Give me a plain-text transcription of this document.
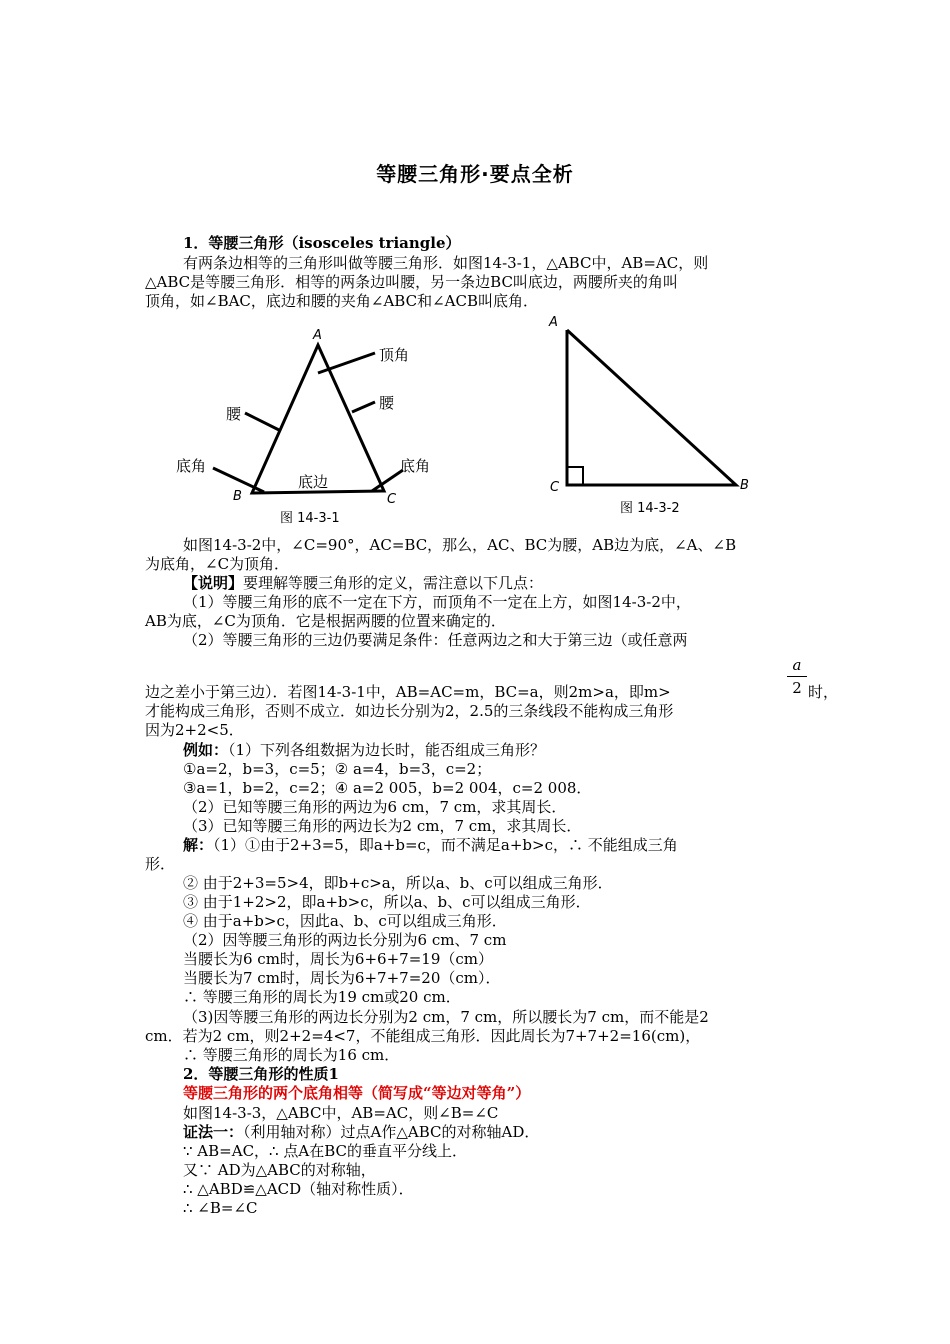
等腰三角形·要点全析
1．等腰三角形（isosceles triangle）
有两条边相等的三角形叫做等腰三角形．如图14-3-1，△ABC中，AB=AC，则
△ABC是等腰三角形．相等的两条边叫腰，另一条边BC叫底边，两腰所夹的角叫
顶角，如∠BAC，底边和腰的夹角∠ABC和∠ACB叫底角．
A
顶角
腰
腰
底角	底角
底边
B	C
图 14-3-1
A
C	B
图 14-3-2
如图14-3-2中，∠C=90°，AC=BC，那么，AC、BC为腰，AB边为底，∠A、∠B
为底角，∠C为顶角．
【说明】要理解等腰三角形的定义，需注意以下几点：
（1）等腰三角形的底不一定在下方，而顶角不一定在上方，如图14-3-2中，
AB为底，∠C为顶角．它是根据两腰的位置来确定的．
（2）等腰三角形的三边仍要满足条件：任意两边之和大于第三边（或任意两
a
2
边之差小于第三边）．若图14-3-1中，AB=AC=m，BC=a，则2m>a，即m>	时，
才能构成三角形，否则不成立．如边长分别为2，2.5的三条线段不能构成三角形
因为2+2<5．
例如：（1）下列各组数据为边长时，能否组成三角形？
①a=2，b=3，c=5；② a=4，b=3，c=2；
③a=1，b=2，c=2；④ a=2 005，b=2 004，c=2 008．
（2）已知等腰三角形的两边为6 cm，7 cm，求其周长．
（3）已知等腰三角形的两边长为2 cm，7 cm，求其周长．
解：（1）①由于2+3=5，即a+b=c，而不满足a+b>c，∴ 不能组成三角
形．
② 由于2+3=5>4，即b+c>a，所以a、b、c可以组成三角形．
③ 由于1+2>2，即a+b>c，所以a、b、c可以组成三角形．
④ 由于a+b>c，因此a、b、c可以组成三角形．
（2）因等腰三角形的两边长分别为6 cm、7 cm
当腰长为6 cm时，周长为6+6+7=19（cm）
当腰长为7 cm时，周长为6+7+7=20（cm）．
∴ 等腰三角形的周长为19 cm或20 cm．
（3)因等腰三角形的两边长分别为2 cm，7 cm，所以腰长为7 cm，而不能是2
cm．若为2 cm，则2+2=4<7，不能组成三角形．因此周长为7+7+2=16(cm)，
∴ 等腰三角形的周长为16 cm．
2．等腰三角形的性质1
等腰三角形的两个底角相等（简写成“等边对等角”）
如图14-3-3，△ABC中，AB=AC，则∠B=∠C
证法一：（利用轴对称）过点A作△ABC的对称轴AD．
∵ AB=AC，∴ 点A在BC的垂直平分线上．
又∵ AD为△ABC的对称轴，
∴ △ABD≌△ACD（轴对称性质）．
∴ ∠B=∠C
